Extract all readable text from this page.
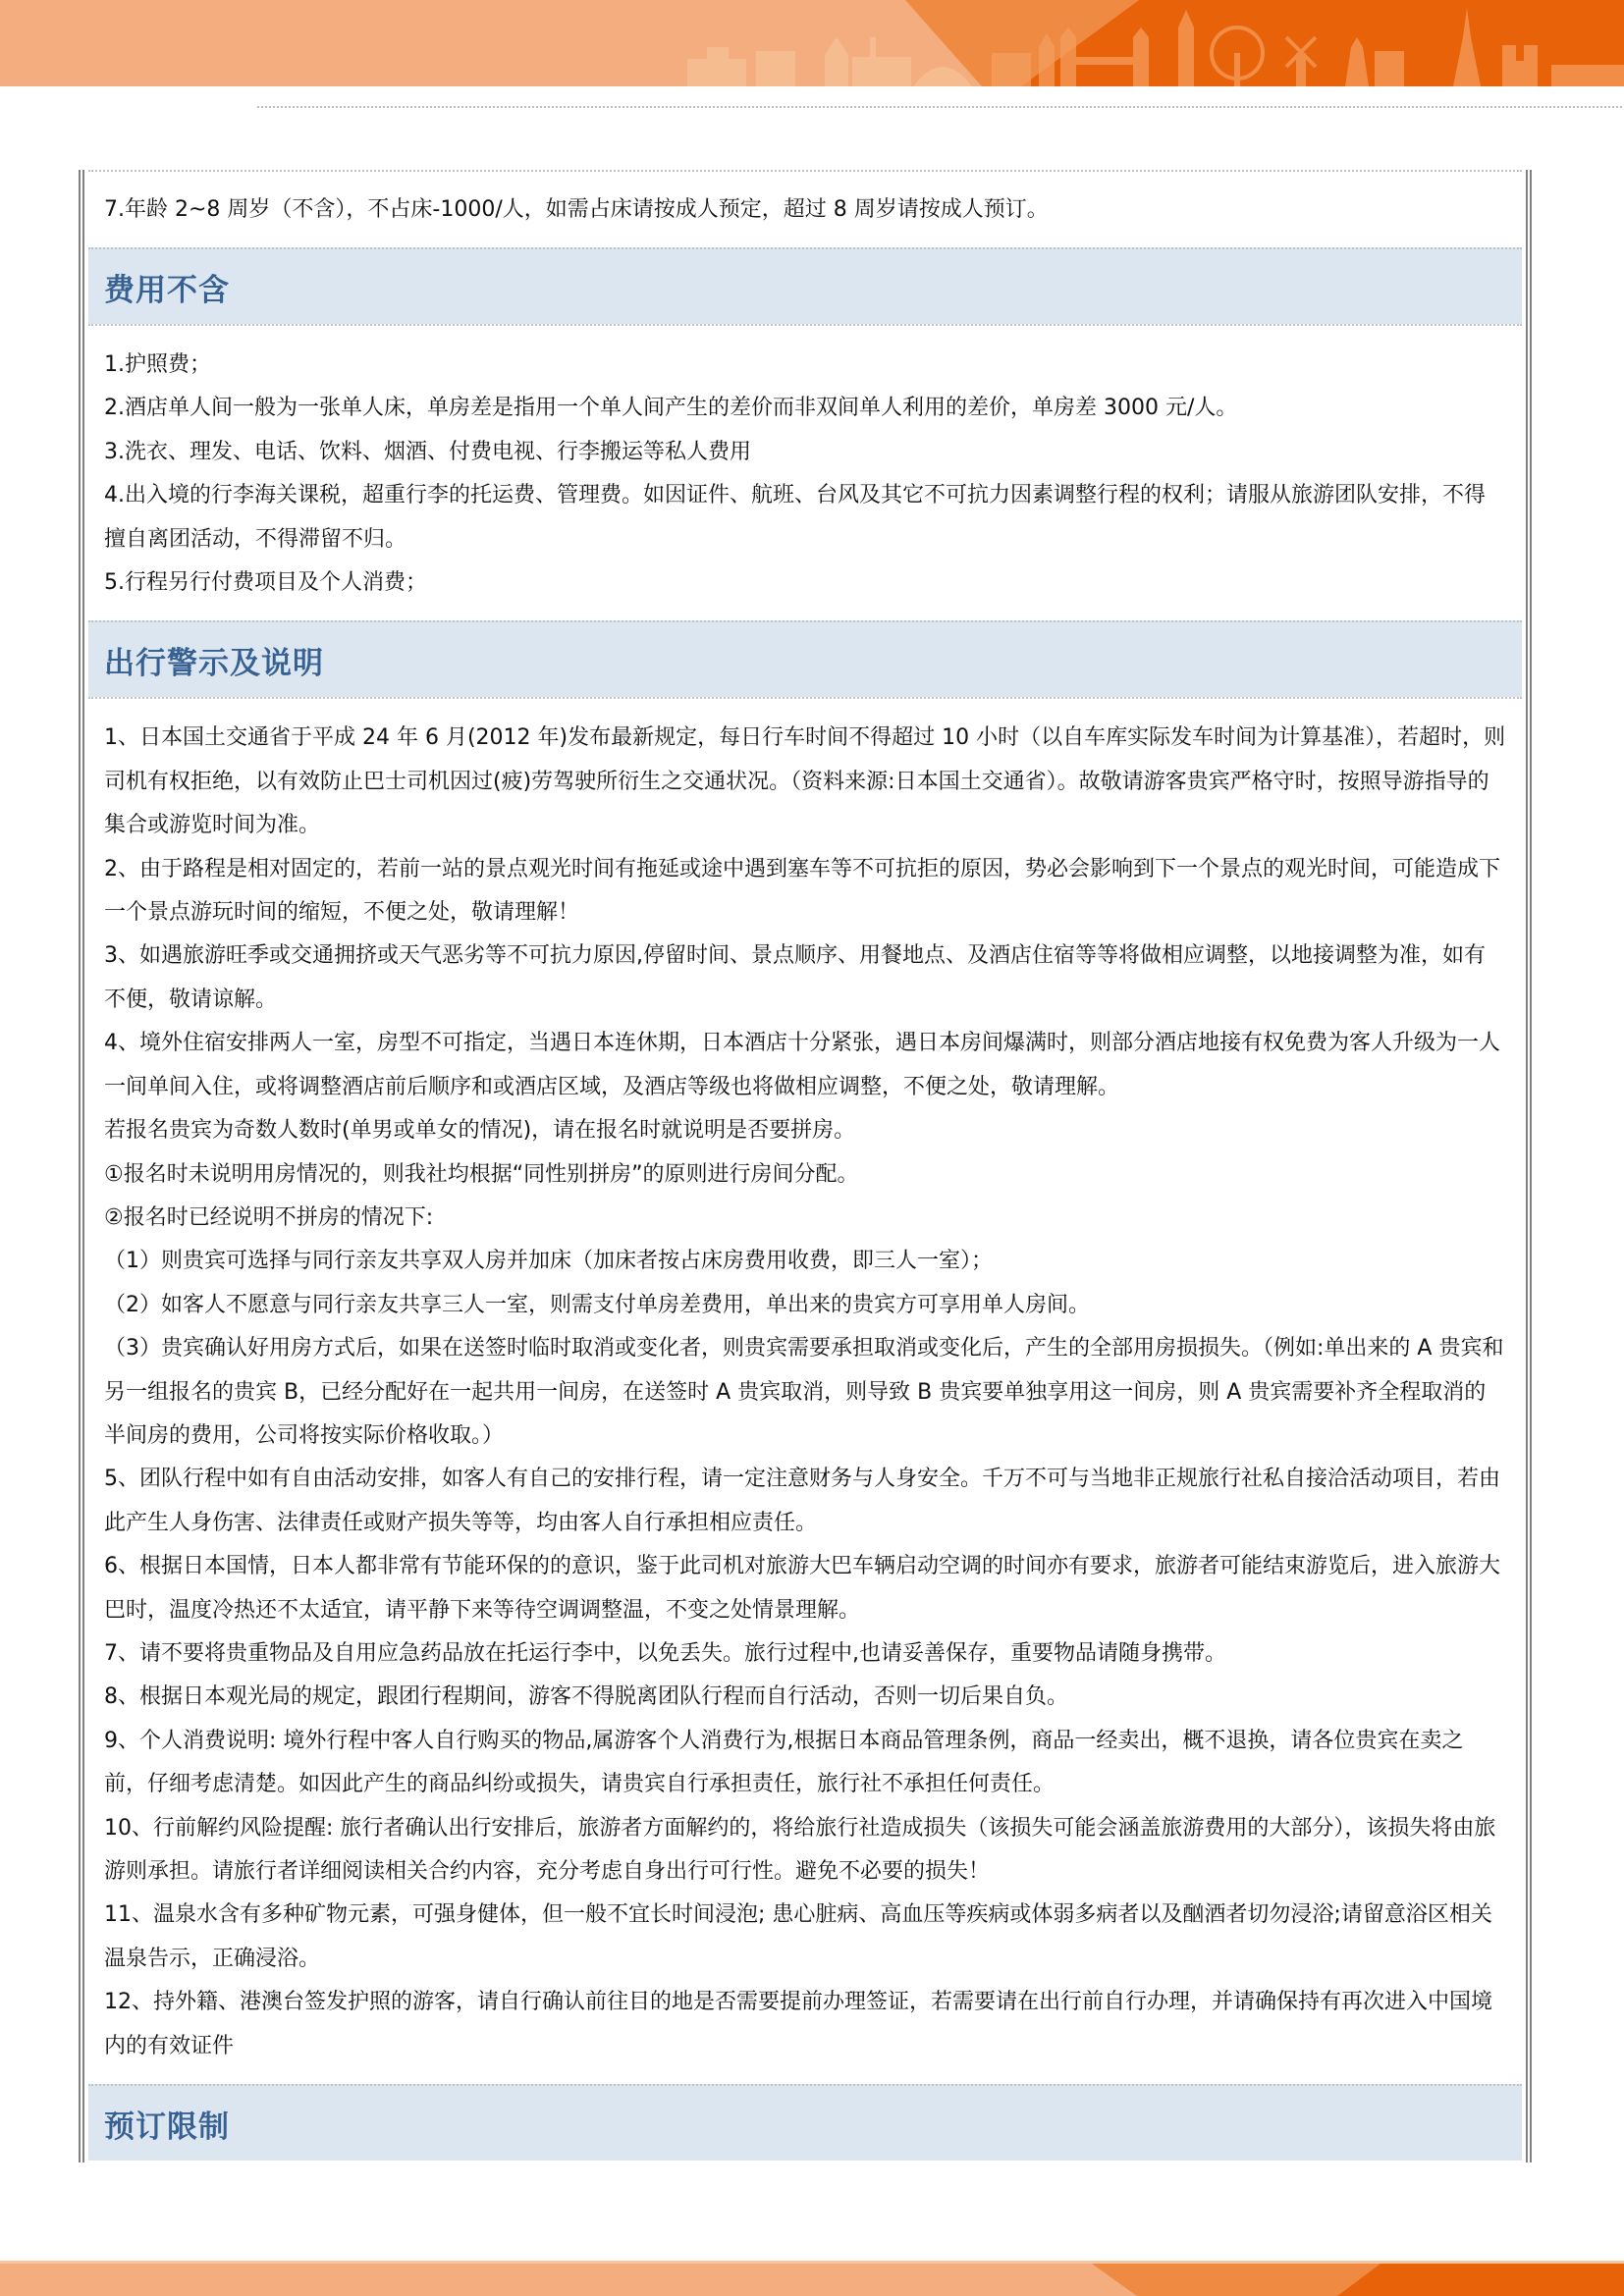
7.年龄 2~8 周岁（不含），不占床-1000/人，如需占床请按成人预定，超过 8 周岁请按成人预订。

费用不含

1.护照费；

2.酒店单人间一般为一张单人床，单房差是指用一个单人间产生的差价而非双间单人利用的差价，单房差 3000 元/人。

3.洗衣、理发、电话、饮料、烟酒、付费电视、行李搬运等私人费用

4.出入境的行李海关课税，超重行李的托运费、管理费。如因证件、航班、台风及其它不可抗力因素调整行程的权利；请服从旅游团队安排，不得擅自离团活动，不得滞留不归。

5.行程另行付费项目及个人消费；

出行警示及说明

1、日本国土交通省于平成 24 年 6 月(2012 年)发布最新规定，每日行车时间不得超过 10 小时（以自车库实际发车时间为计算基准），若超时，则司机有权拒绝，以有效防止巴士司机因过(疲)劳驾驶所衍生之交通状况。（资料来源:日本国土交通省）。故敬请游客贵宾严格守时，按照导游指导的集合或游览时间为准。

2、由于路程是相对固定的，若前一站的景点观光时间有拖延或途中遇到塞车等不可抗拒的原因，势必会影响到下一个景点的观光时间，可能造成下一个景点游玩时间的缩短，不便之处，敬请理解！

3、如遇旅游旺季或交通拥挤或天气恶劣等不可抗力原因,停留时间、景点顺序、用餐地点、及酒店住宿等等将做相应调整，以地接调整为准，如有不便，敬请谅解。

4、境外住宿安排两人一室，房型不可指定，当遇日本连休期，日本酒店十分紧张，遇日本房间爆满时，则部分酒店地接有权免费为客人升级为一人一间单间入住，或将调整酒店前后顺序和或酒店区域，及酒店等级也将做相应调整，不便之处，敬请理解。

若报名贵宾为奇数人数时(单男或单女的情况)，请在报名时就说明是否要拼房。

①报名时未说明用房情况的，则我社均根据“同性别拼房”的原则进行房间分配。

②报名时已经说明不拼房的情况下:

（1）则贵宾可选择与同行亲友共享双人房并加床（加床者按占床房费用收费，即三人一室）；

（2）如客人不愿意与同行亲友共享三人一室，则需支付单房差费用，单出来的贵宾方可享用单人房间。

（3）贵宾确认好用房方式后，如果在送签时临时取消或变化者，则贵宾需要承担取消或变化后，产生的全部用房损损失。（例如:单出来的 A 贵宾和另一组报名的贵宾 B，已经分配好在一起共用一间房，在送签时 A 贵宾取消，则导致 B 贵宾要单独享用这一间房，则 A 贵宾需要补齐全程取消的半间房的费用，公司将按实际价格收取。）

5、团队行程中如有自由活动安排，如客人有自己的安排行程，请一定注意财务与人身安全。千万不可与当地非正规旅行社私自接洽活动项目，若由此产生人身伤害、法律责任或财产损失等等，均由客人自行承担相应责任。

6、根据日本国情，日本人都非常有节能环保的的意识，鉴于此司机对旅游大巴车辆启动空调的时间亦有要求，旅游者可能结束游览后，进入旅游大巴时，温度冷热还不太适宜，请平静下来等待空调调整温，不变之处情景理解。

7、请不要将贵重物品及自用应急药品放在托运行李中，以免丢失。旅行过程中,也请妥善保存，重要物品请随身携带。

8、根据日本观光局的规定，跟团行程期间，游客不得脱离团队行程而自行活动，否则一切后果自负。

9、个人消费说明: 境外行程中客人自行购买的物品,属游客个人消费行为,根据日本商品管理条例，商品一经卖出，概不退换，请各位贵宾在卖之前，仔细考虑清楚。如因此产生的商品纠纷或损失，请贵宾自行承担责任，旅行社不承担任何责任。

10、行前解约风险提醒: 旅行者确认出行安排后，旅游者方面解约的，将给旅行社造成损失（该损失可能会涵盖旅游费用的大部分），该损失将由旅游则承担。请旅行者详细阅读相关合约内容，充分考虑自身出行可行性。避免不必要的损失！

11、温泉水含有多种矿物元素，可强身健体，但一般不宜长时间浸泡; 患心脏病、高血压等疾病或体弱多病者以及酗酒者切勿浸浴;请留意浴区相关温泉告示，正确浸浴。

12、持外籍、港澳台签发护照的游客，请自行确认前往目的地是否需要提前办理签证，若需要请在出行前自行办理，并请确保持有再次进入中国境内的有效证件

预订限制
